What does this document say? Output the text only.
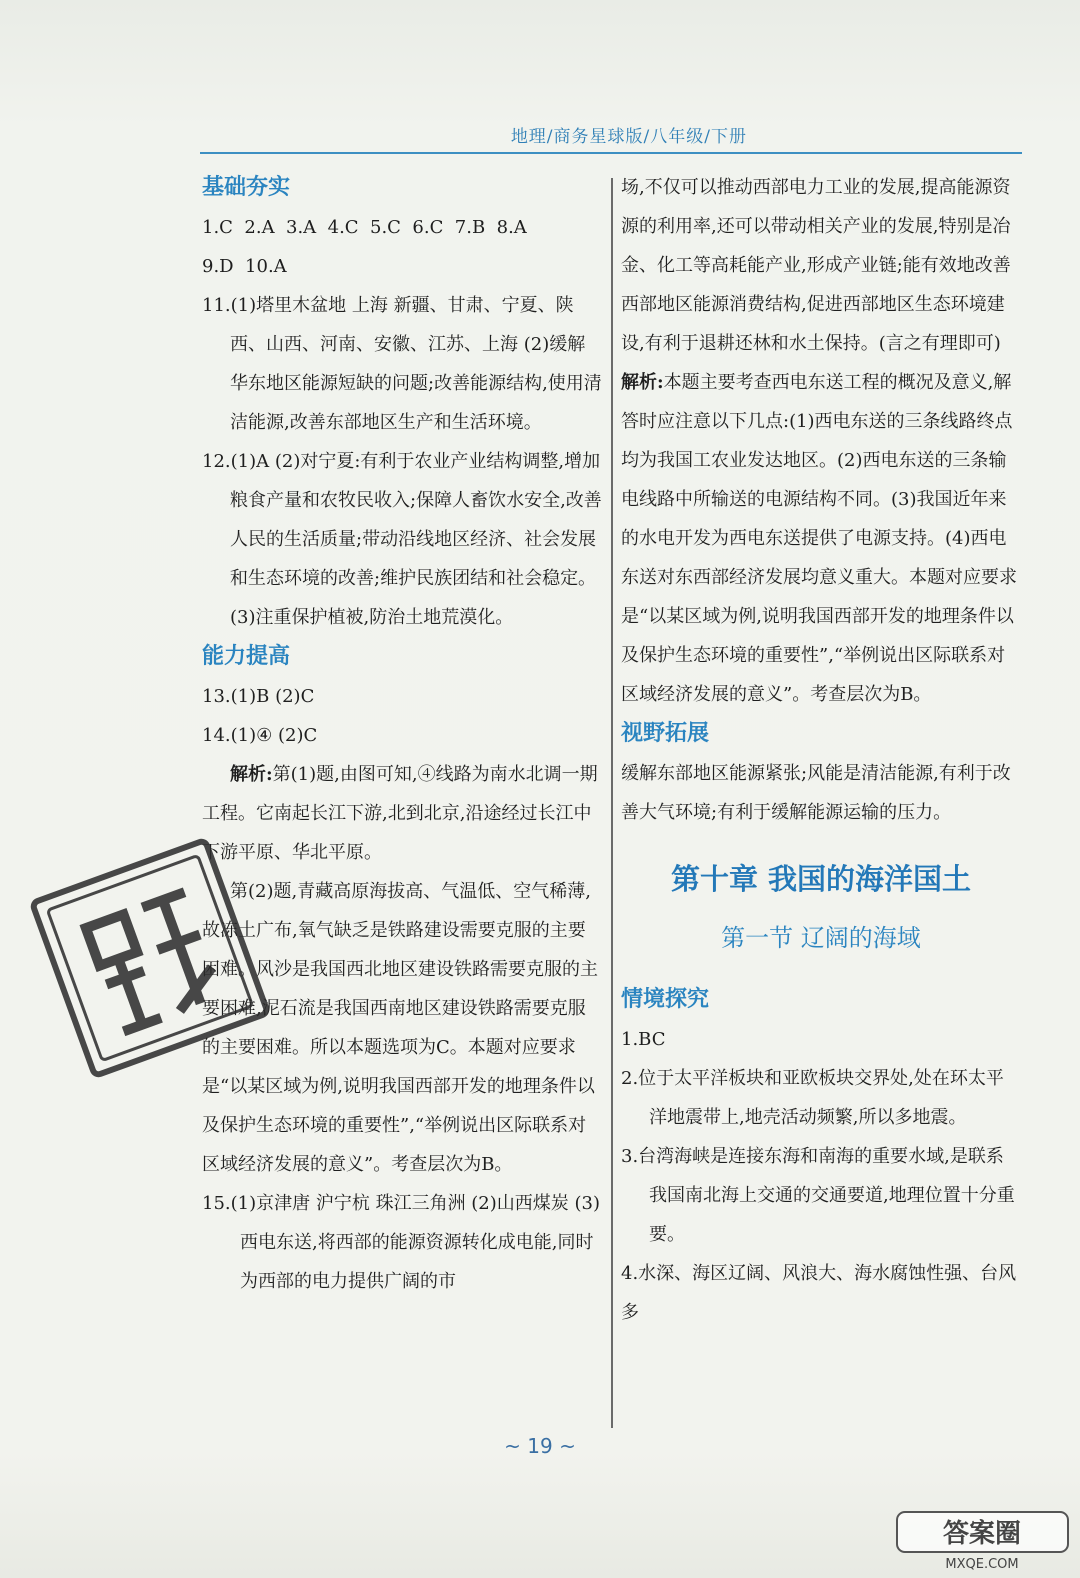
地理/商务星球版/八年级/下册
基础夯实

1.C  2.A  3.A  4.C  5.C  6.C  7.B  8.A

9.D  10.A

11.(1)塔里木盆地 上海 新疆、甘肃、宁夏、陕西、山西、河南、安徽、江苏、上海 (2)缓解华东地区能源短缺的问题;改善能源结构,使用清洁能源,改善东部地区生产和生活环境。

12.(1)A (2)对宁夏:有利于农业产业结构调整,增加粮食产量和农牧民收入;保障人畜饮水安全,改善人民的生活质量;带动沿线地区经济、社会发展和生态环境的改善;维护民族团结和社会稳定。 (3)注重保护植被,防治土地荒漠化。

能力提高

13.(1)B (2)C

14.(1)④ (2)C

解析:第(1)题,由图可知,④线路为南水北调一期工程。它南起长江下游,北到北京,沿途经过长江中下游平原、华北平原。

第(2)题,青藏高原海拔高、气温低、空气稀薄,故冻土广布,氧气缺乏是铁路建设需要克服的主要困难。风沙是我国西北地区建设铁路需要克服的主要困难,泥石流是我国西南地区建设铁路需要克服的主要困难。所以本题选项为C。本题对应要求是“以某区域为例,说明我国西部开发的地理条件以及保护生态环境的重要性”,“举例说出区际联系对区域经济发展的意义”。考查层次为B。

15.(1)京津唐 沪宁杭 珠江三角洲 (2)山西煤炭 (3)西电东送,将西部的能源资源转化成电能,同时为西部的电力提供广阔的市

场,不仅可以推动西部电力工业的发展,提高能源资源的利用率,还可以带动相关产业的发展,特别是冶金、化工等高耗能产业,形成产业链;能有效地改善西部地区能源消费结构,促进西部地区生态环境建设,有利于退耕还林和水土保持。(言之有理即可)

解析:本题主要考查西电东送工程的概况及意义,解答时应注意以下几点:(1)西电东送的三条线路终点均为我国工农业发达地区。(2)西电东送的三条输电线路中所输送的电源结构不同。(3)我国近年来的水电开发为西电东送提供了电源支持。(4)西电东送对东西部经济发展均意义重大。本题对应要求是“以某区域为例,说明我国西部开发的地理条件以及保护生态环境的重要性”,“举例说出区际联系对区域经济发展的意义”。考查层次为B。

视野拓展

缓解东部地区能源紧张;风能是清洁能源,有利于改善大气环境;有利于缓解能源运输的压力。

第十章 我国的海洋国土
第一节 辽阔的海域
情境探究

1.BC

2.位于太平洋板块和亚欧板块交界处,处在环太平洋地震带上,地壳活动频繁,所以多地震。

3.台湾海峡是连接东海和南海的重要水域,是联系我国南北海上交通的交通要道,地理位置十分重要。

4.水深、海区辽阔、风浪大、海水腐蚀性强、台风多

~ 19 ~
答案圈
MXQE.COM
